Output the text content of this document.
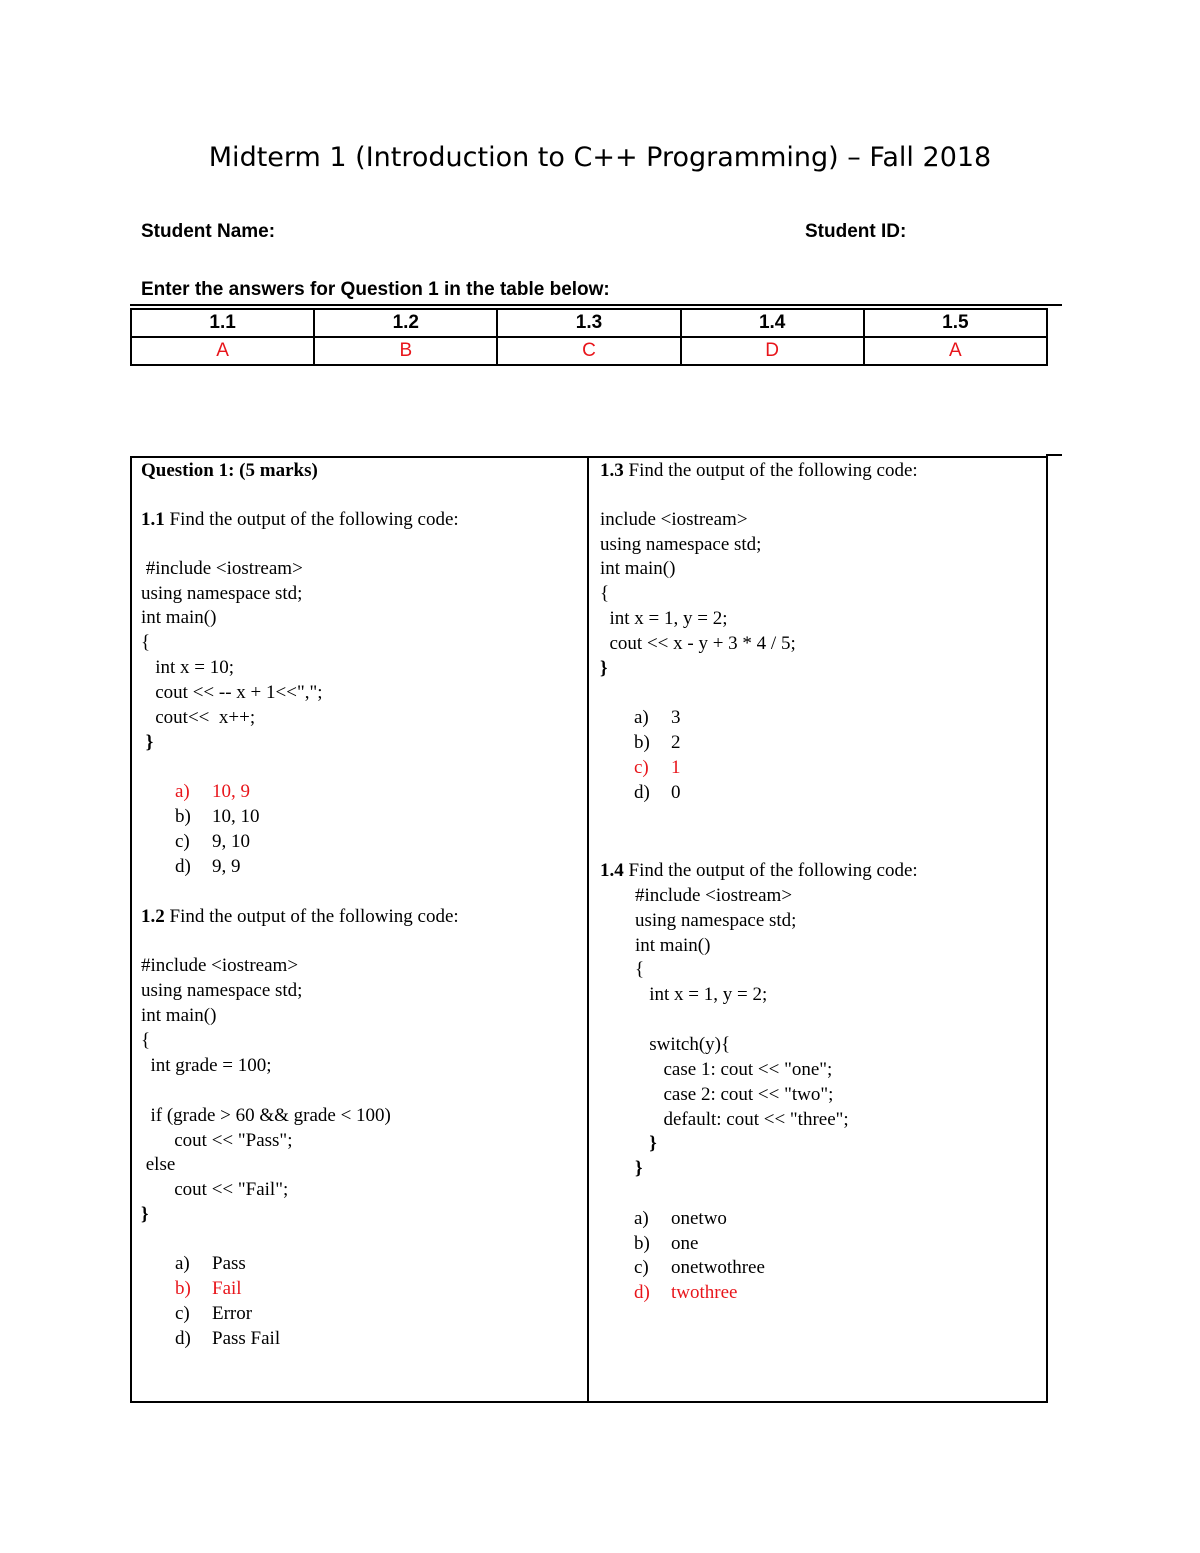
Midterm 1 (Introduction to C++ Programming) – Fall 2018
Student Name:	Student ID:
Enter the answers for Question 1 in the table below:
1.1	1.2	1.3	1.4	1.5
A	B	C	D	A
Question 1: (5 marks)
1.1 Find the output of the following code:
#include <iostream>
using namespace std;
int main()
{
int x = 10;
cout << -- x + 1<<",";
cout<<  x++;
}
a) 10, 9
b) 10, 10
c) 9, 10
d) 9, 9
1.2 Find the output of the following code:
#include <iostream>
using namespace std;
int main()
{
int grade = 100;
if (grade > 60 && grade < 100)
cout << "Pass";
else
cout << "Fail";
}
a) Pass
b) Fail
c) Error
d) Pass Fail
1.3 Find the output of the following code:
include <iostream>
using namespace std;
int main()
{
int x = 1, y = 2;
cout << x - y + 3 * 4 / 5;
}
a) 3
b) 2
c) 1
d) 0
1.4 Find the output of the following code:
#include <iostream>
using namespace std;
int main()
{
int x = 1, y = 2;
switch(y){
case 1: cout << "one";
case 2: cout << "two";
default: cout << "three";
}
}
a) onetwo
b) one
c) onetwothree
d) twothree
